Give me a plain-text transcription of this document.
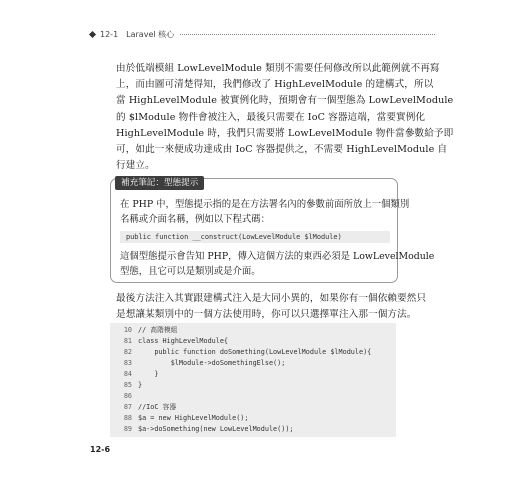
12-1 Laravel 核心
由於低端模組 LowLevelModule 類別不需要任何修改所以此範例就不再寫
上，而由圖可清楚得知，我們修改了 HighLevelModule 的建構式，所以
當 HighLevelModule 被實例化時，預期會有一個型態為 LowLevelModule
的 $lModule 物件會被注入，最後只需要在 IoC 容器這端，當要實例化
HighLevelModule 時，我們只需要將 LowLevelModule 物件當參數給予即
可，如此一來便成功達成由 IoC 容器提供之，不需要 HighLevelModule 自
行建立。
補充筆記：型態提示
在 PHP 中，型態提示指的是在方法署名內的參數前面所放上一個類別
名稱或介面名稱，例如以下程式碼：
public function __construct(LowLevelModule $lModule)
這個型態提示會告知 PHP，傳入這個方法的東西必須是 LowLevelModule
型態，且它可以是類別或是介面。
最後方法注入其實跟建構式注入是大同小異的，如果你有一個依賴要然只
是想讓某類別中的一個方法使用時，你可以只選擇單注入那一個方法。
10 // 高階模組
81 class HighLevelModule{
82    public function doSomething(LowLevelModule $lModule){
83        $lModule->doSomethingElse();
84    }
85 }
86
87 //IoC 容器
88 $a = new HighLevelModule();
89 $a->doSomething(new LowLevelModule());
12-6
